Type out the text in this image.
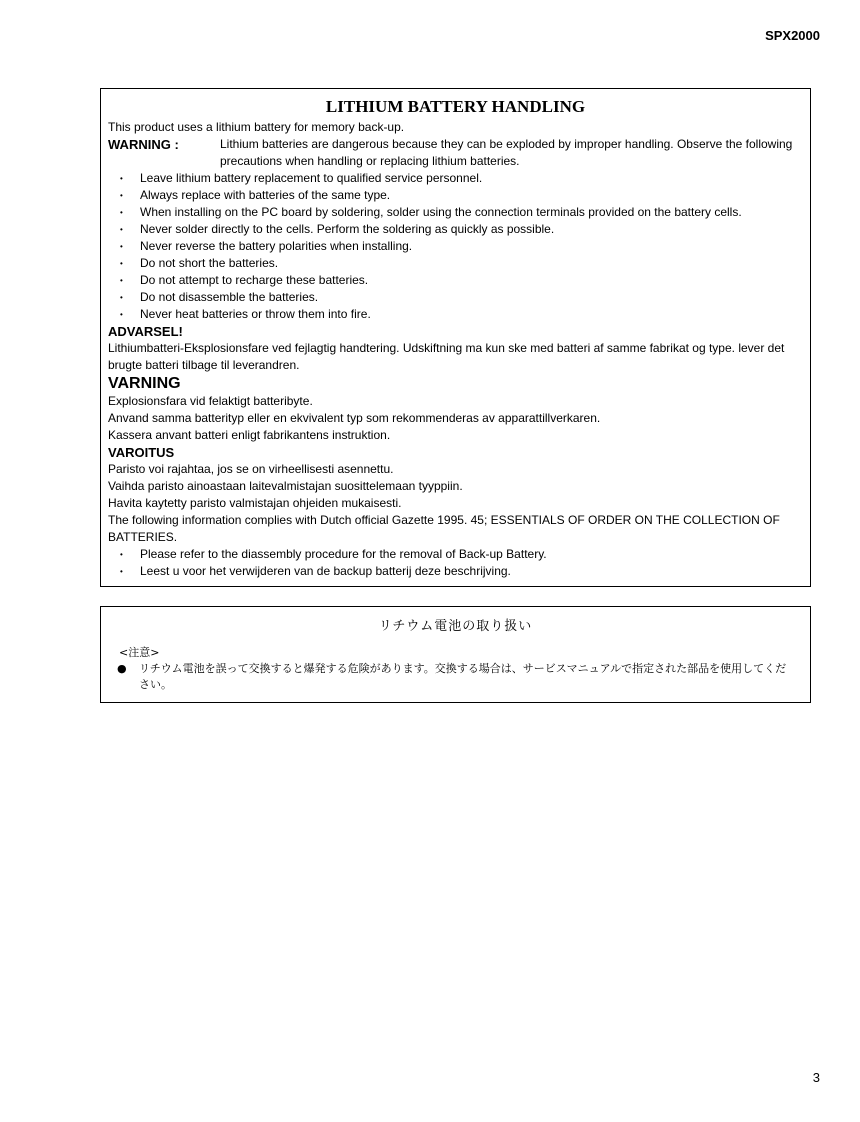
SPX2000
LITHIUM BATTERY HANDLING
This product uses a lithium battery for memory back-up.
WARNING :	Lithium batteries are dangerous because they can be exploded by improper handling. Observe the following precautions when handling or replacing lithium batteries.
• Leave lithium battery replacement to qualified service personnel.
• Always replace with batteries of the same type.
• When installing on the PC board by soldering, solder using the connection terminals provided on the battery cells.
• Never solder directly to the cells. Perform the soldering as quickly as possible.
• Never reverse the battery polarities when installing.
• Do not short the batteries.
• Do not attempt to recharge these batteries.
• Do not disassemble the batteries.
• Never heat batteries or throw them into fire.
ADVARSEL!
Lithiumbatteri-Eksplosionsfare ved fejlagtig handtering. Udskiftning ma kun ske med batteri af samme fabrikat og type. lever det brugte batteri tilbage til leverandren.
VARNING
Explosionsfara vid felaktigt batteribyte.
Anvand samma batterityp eller en ekvivalent typ som rekommenderas av apparattillverkaren.
Kassera anvant batteri enligt fabrikantens instruktion.
VAROITUS
Paristo voi rajahtaa, jos se on virheellisesti asennettu.
Vaihda paristo ainoastaan laitevalmistajan suosittelemaan tyyppiin.
Havita kaytetty paristo valmistajan ohjeiden mukaisesti.
The following information complies with Dutch official Gazette 1995. 45; ESSENTIALS OF ORDER ON THE COLLECTION OF BATTERIES.
• Please refer to the diassembly procedure for the removal of Back-up Battery.
• Leest u voor het verwijderen van de backup batterij deze beschrijving.
リチウム電池の取り扱い
<注意>
●	リチウム電池を誤って交換すると爆発する危険があります。交換する場合は、サービスマニュアルで指定された部品を使用してください。
3
